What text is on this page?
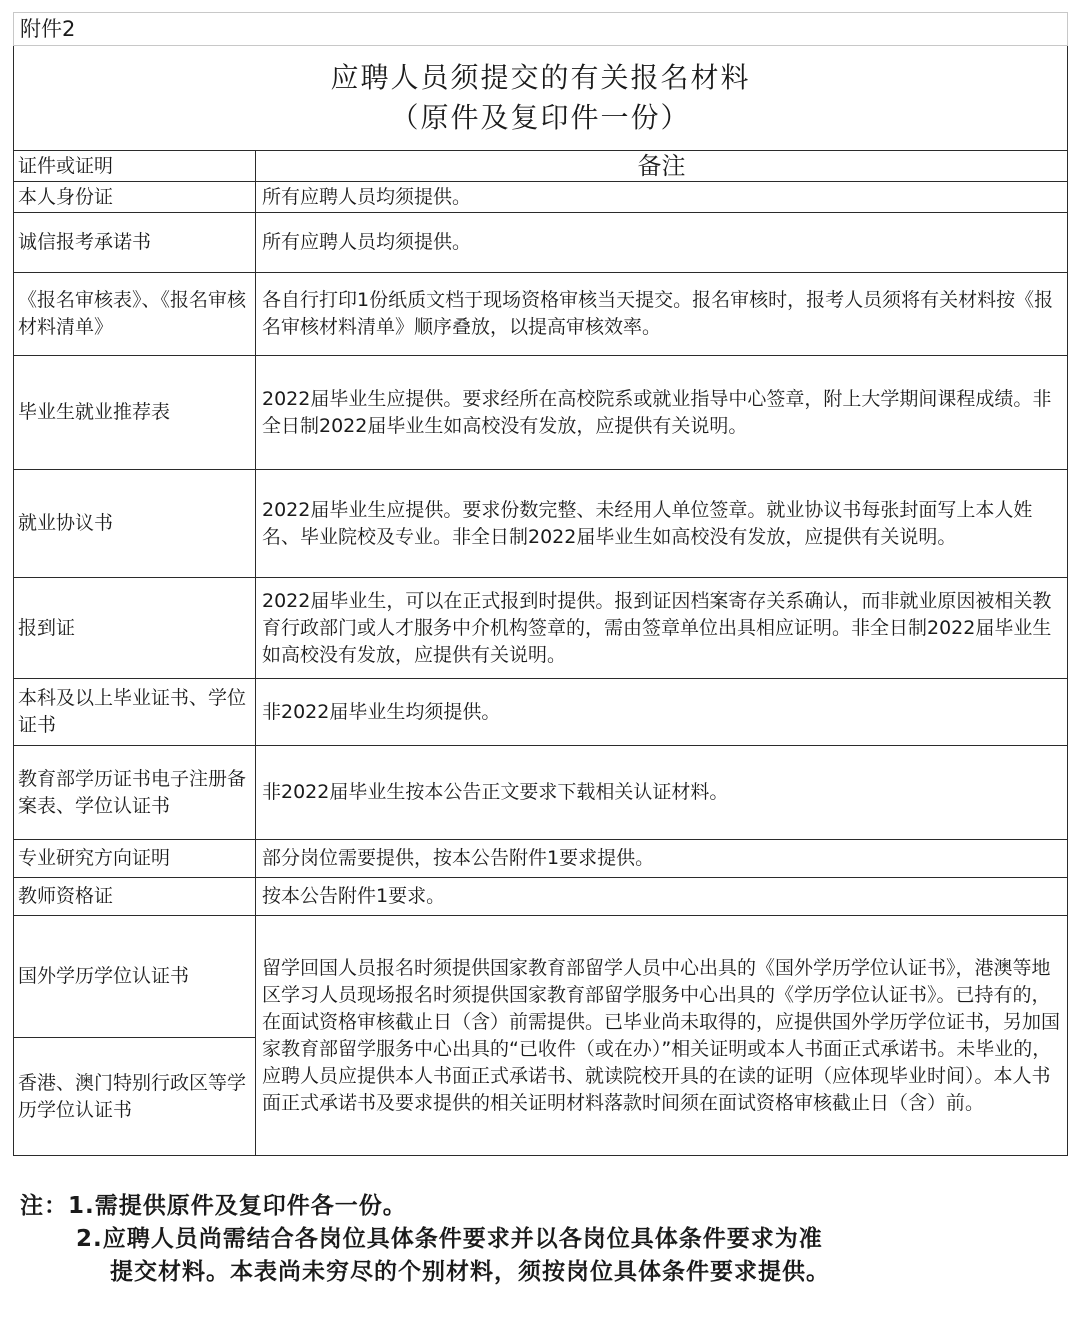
附件2	

应聘人员须提交的有关报名材料
（原件及复印件一份）	

证件或证明	备注
本人身份证	所有应聘人员均须提供。
诚信报考承诺书	所有应聘人员均须提供。
《报名审核表》、《报名审核材料清单》	各自行打印1份纸质文档于现场资格审核当天提交。报名审核时，报考人员须将有关材料按《报名审核材料清单》顺序叠放，以提高审核效率。
毕业生就业推荐表	2022届毕业生应提供。要求经所在高校院系或就业指导中心签章，附上大学期间课程成绩。非全日制2022届毕业生如高校没有发放，应提供有关说明。
就业协议书	2022届毕业生应提供。要求份数完整、未经用人单位签章。就业协议书每张封面写上本人姓名、毕业院校及专业。非全日制2022届毕业生如高校没有发放，应提供有关说明。
报到证	2022届毕业生，可以在正式报到时提供。报到证因档案寄存关系确认，而非就业原因被相关教育行政部门或人才服务中介机构签章的，需由签章单位出具相应证明。非全日制2022届毕业生如高校没有发放，应提供有关说明。
本科及以上毕业证书、学位证书	非2022届毕业生均须提供。
教育部学历证书电子注册备案表、学位认证书	非2022届毕业生按本公告正文要求下载相关认证材料。
专业研究方向证明	部分岗位需要提供，按本公告附件1要求提供。
教师资格证	按本公告附件1要求。
国外学历学位认证书	留学回国人员报名时须提供国家教育部留学人员中心出具的《国外学历学位认证书》，港澳等地区学习人员现场报名时须提供国家教育部留学服务中心出具的《学历学位认证书》。已持有的，在面试资格审核截止日（含）前需提供。已毕业尚未取得的，应提供国外学历学位证书，另加国家教育部留学服务中心出具的“已收件（或在办）”相关证明或本人书面正式承诺书。未毕业的，应聘人员应提供本人书面正式承诺书、就读院校开具的在读的证明（应体现毕业时间）。本人书面正式承诺书及要求提供的相关证明材料落款时间须在面试资格审核截止日（含）前。
香港、澳门特别行政区等学历学位认证书	
注：1.需提供原件及复印件各一份。
2.应聘人员尚需结合各岗位具体条件要求并以各岗位具体条件要求为准
提交材料。本表尚未穷尽的个别材料，须按岗位具体条件要求提供。
